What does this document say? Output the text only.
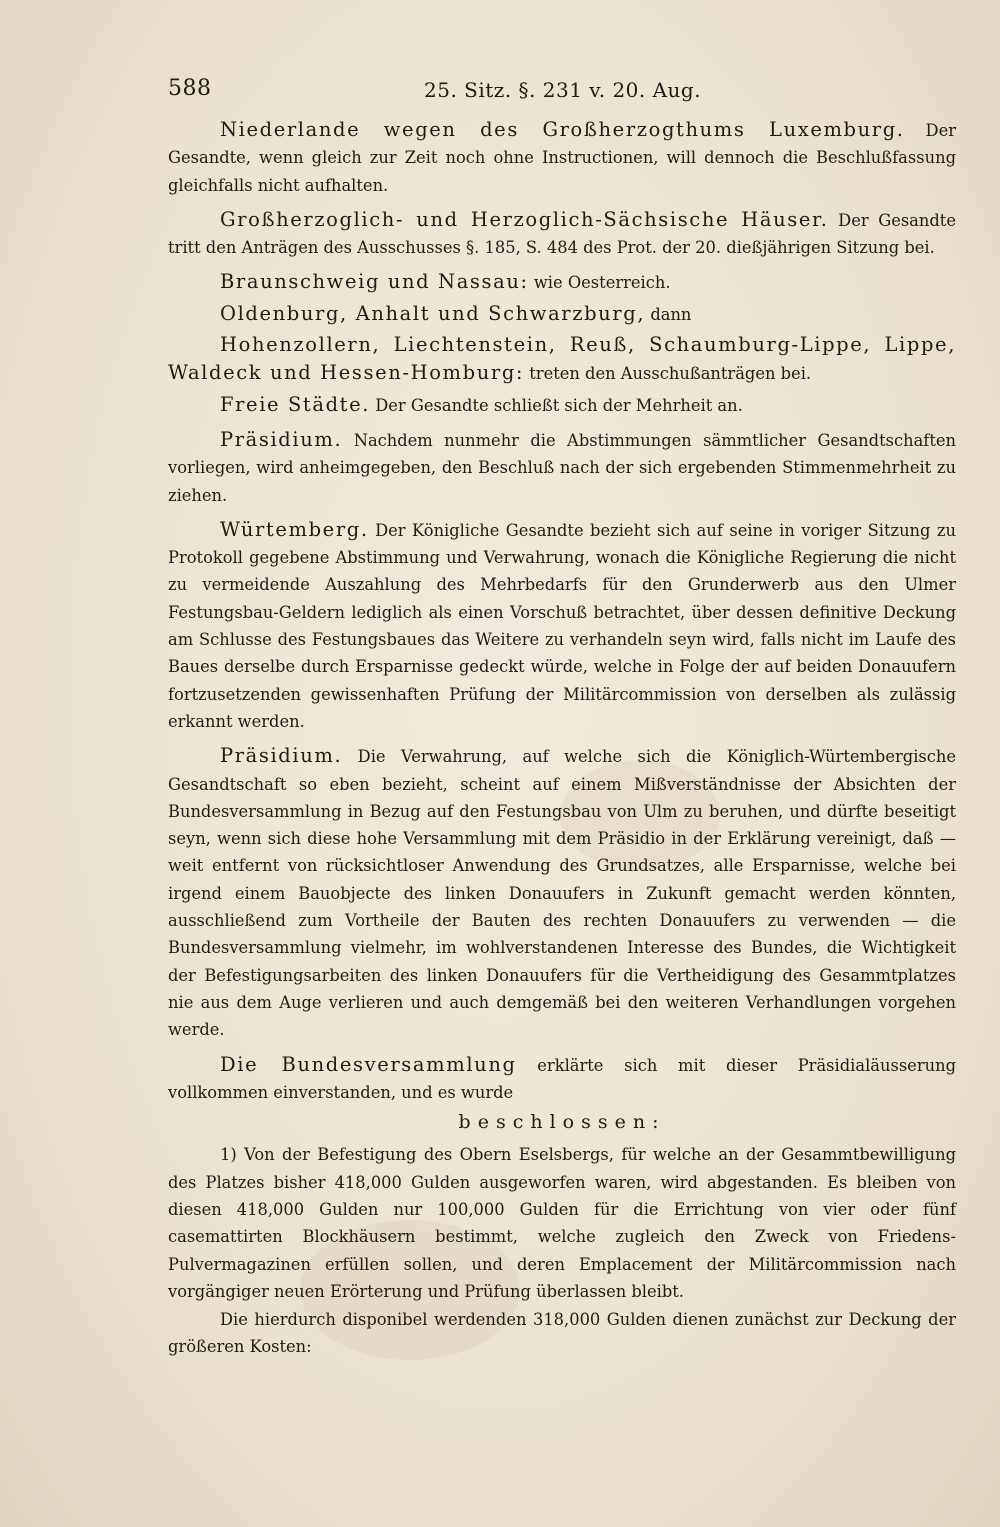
588	25. Sitz. §. 231 v. 20. Aug.

Niederlande wegen des Großherzogthums Luxemburg. Der Gesandte, wenn gleich zur Zeit noch ohne Instructionen, will dennoch die Beschlußfassung gleichfalls nicht aufhalten.

Großherzoglich- und Herzoglich-Sächsische Häuser. Der Gesandte tritt den Anträgen des Ausschusses §. 185, S. 484 des Prot. der 20. dießjährigen Sitzung bei.

Braunschweig und Nassau: wie Oesterreich.

Oldenburg, Anhalt und Schwarzburg, dann

Hohenzollern, Liechtenstein, Reuß, Schaumburg-Lippe, Lippe, Waldeck und Hessen-Homburg: treten den Ausschußanträgen bei.

Freie Städte. Der Gesandte schließt sich der Mehrheit an.

Präsidium. Nachdem nunmehr die Abstimmungen sämmtlicher Gesandtschaften vorliegen, wird anheimgegeben, den Beschluß nach der sich ergebenden Stimmenmehrheit zu ziehen.

Würtemberg. Der Königliche Gesandte bezieht sich auf seine in voriger Sitzung zu Protokoll gegebene Abstimmung und Verwahrung, wonach die Königliche Regierung die nicht zu vermeidende Auszahlung des Mehrbedarfs für den Grunderwerb aus den Ulmer Festungsbau-Geldern lediglich als einen Vorschuß betrachtet, über dessen definitive Deckung am Schlusse des Festungsbaues das Weitere zu verhandeln seyn wird, falls nicht im Laufe des Baues derselbe durch Ersparnisse gedeckt würde, welche in Folge der auf beiden Donauufern fortzusetzenden gewissenhaften Prüfung der Militärcommission von derselben als zulässig erkannt werden.

Präsidium. Die Verwahrung, auf welche sich die Königlich-Würtembergische Gesandtschaft so eben bezieht, scheint auf einem Mißverständnisse der Absichten der Bundesversammlung in Bezug auf den Festungsbau von Ulm zu beruhen, und dürfte beseitigt seyn, wenn sich diese hohe Versammlung mit dem Präsidio in der Erklärung vereinigt, daß — weit entfernt von rücksichtloser Anwendung des Grundsatzes, alle Ersparnisse, welche bei irgend einem Bauobjecte des linken Donauufers in Zukunft gemacht werden könnten, ausschließend zum Vortheile der Bauten des rechten Donauufers zu verwenden — die Bundesversammlung vielmehr, im wohlverstandenen Interesse des Bundes, die Wichtigkeit der Befestigungsarbeiten des linken Donauufers für die Vertheidigung des Gesammtplatzes nie aus dem Auge verlieren und auch demgemäß bei den weiteren Verhandlungen vorgehen werde.

Die Bundesversammlung erklärte sich mit dieser Präsidialäusserung vollkommen einverstanden, und es wurde

beschlossen:

1) Von der Befestigung des Obern Eselsbergs, für welche an der Gesammtbewilligung des Platzes bisher 418,000 Gulden ausgeworfen waren, wird abgestanden. Es bleiben von diesen 418,000 Gulden nur 100,000 Gulden für die Errichtung von vier oder fünf casemattirten Blockhäusern bestimmt, welche zugleich den Zweck von Friedens-Pulvermagazinen erfüllen sollen, und deren Emplacement der Militärcommission nach vorgängiger neuen Erörterung und Prüfung überlassen bleibt.

Die hierdurch disponibel werdenden 318,000 Gulden dienen zunächst zur Deckung der größeren Kosten:
